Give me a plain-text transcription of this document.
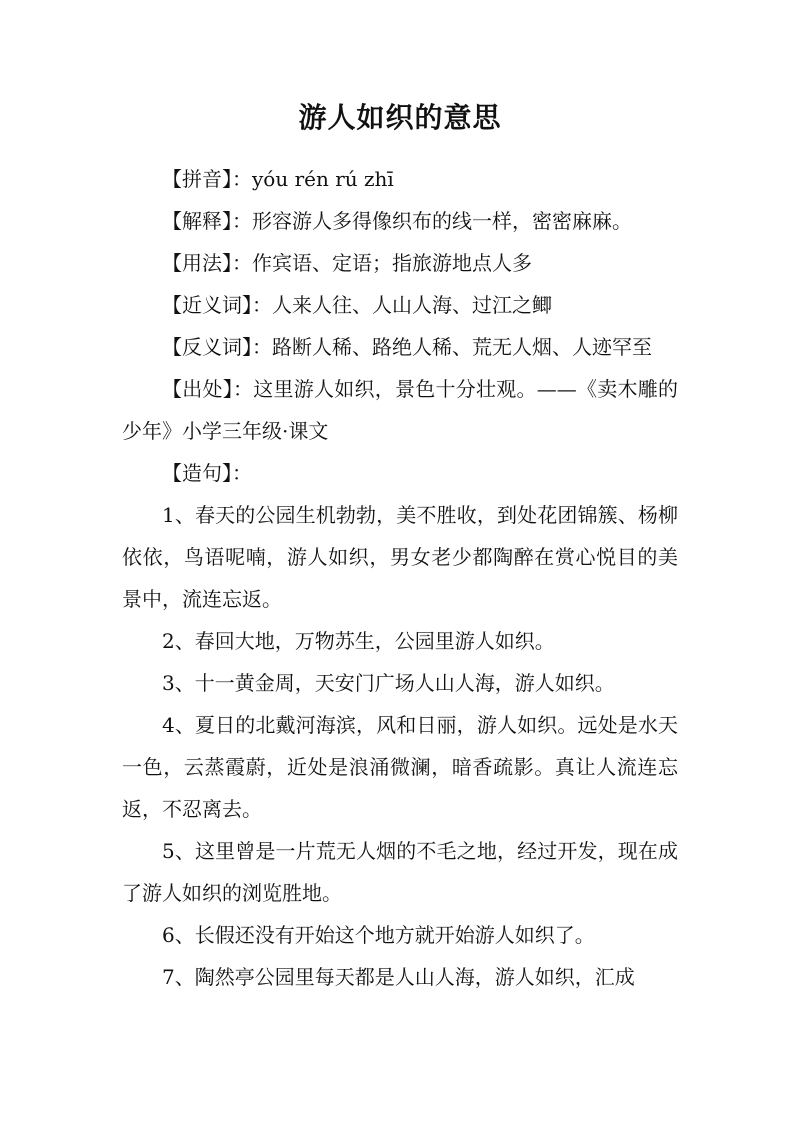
游人如织的意思

【拼音】：yóu rén rú zhī

【解释】：形容游人多得像织布的线一样，密密麻麻。

【用法】：作宾语、定语；指旅游地点人多

【近义词】：人来人往、人山人海、过江之鲫

【反义词】：路断人稀、路绝人稀、荒无人烟、人迹罕至

【出处】：这里游人如织，景色十分壮观。——《卖木雕的少年》小学三年级·课文

【造句】：

1、春天的公园生机勃勃，美不胜收，到处花团锦簇、杨柳依依，鸟语呢喃，游人如织，男女老少都陶醉在赏心悦目的美景中，流连忘返。

2、春回大地，万物苏生，公园里游人如织。

3、十一黄金周，天安门广场人山人海，游人如织。

4、夏日的北戴河海滨，风和日丽，游人如织。远处是水天一色，云蒸霞蔚，近处是浪涌微澜，暗香疏影。真让人流连忘返，不忍离去。

5、这里曾是一片荒无人烟的不毛之地，经过开发，现在成了游人如织的浏览胜地。

6、长假还没有开始这个地方就开始游人如织了。

7、陶然亭公园里每天都是人山人海，游人如织，汇成
